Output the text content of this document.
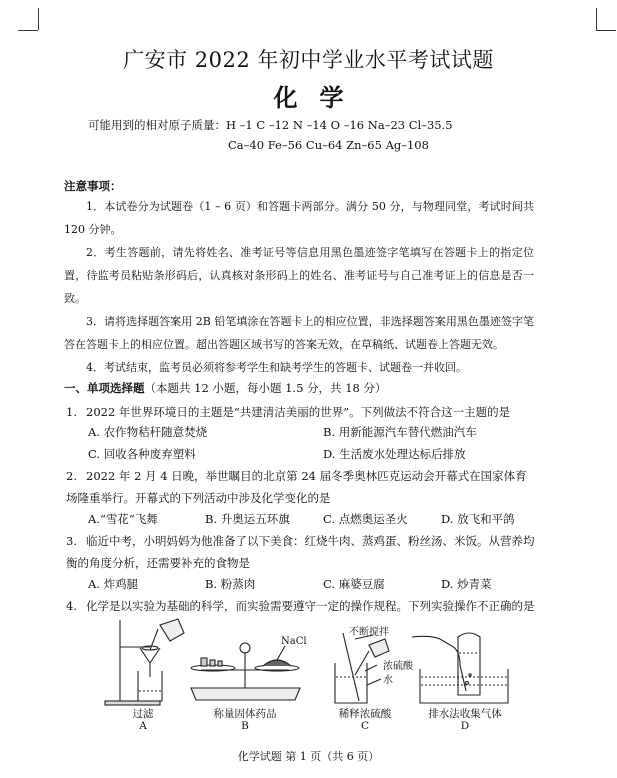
广安市 2022 年初中学业水平考试试题
化学
可能用到的相对原子质量：H –1 C –12 N –14 O –16 Na–23 Cl–35.5
Ca–40 Fe–56 Cu–64 Zn–65 Ag–108
注意事项：
1．本试卷分为试题卷（1 – 6 页）和答题卡两部分。满分 50 分，与物理同堂，考试时间共 120 分钟。
2．考生答题前，请先将姓名、准考证号等信息用黑色墨迹签字笔填写在答题卡上的指定位置，待监考员粘贴条形码后，认真核对条形码上的姓名、准考证号与自己准考证上的信息是否一致。
3．请将选择题答案用 2B 铅笔填涂在答题卡上的相应位置，非选择题答案用黑色墨迹签字笔答在答题卡上的相应位置。超出答题区域书写的答案无效，在草稿纸、试题卷上答题无效。
4．考试结束，监考员必须将参考学生和缺考学生的答题卡、试题卷一并收回。
一、单项选择题（本题共 12 小题，每小题 1.5 分，共 18 分）
1. 2022 年世界环境日的主题是“共建清洁美丽的世界”。下列做法不符合这一主题的是
A. 农作物秸秆随意焚烧	B. 用新能源汽车替代燃油汽车
C. 回收各种废弃塑料	D. 生活废水处理达标后排放
2. 2022 年 2 月 4 日晚，举世瞩目的北京第 24 届冬季奥林匹克运动会开幕式在国家体育场隆重举行。开幕式的下列活动中涉及化学变化的是
A.“雪花”飞舞	B. 升奥运五环旗	C. 点燃奥运圣火	D. 放飞和平鸽
3. 临近中考，小明妈妈为他准备了以下美食：红烧牛肉、蒸鸡蛋、粉丝汤、米饭。从营养均衡的角度分析，还需要补充的食物是
A. 炸鸡腿	B. 粉蒸肉	C. 麻婆豆腐	D. 炒青菜
4. 化学是以实验为基础的科学，而实验需要遵守一定的操作规程。下列实验操作不正确的是
过滤
A
NaCl
称量固体药品
B
不断搅拌
浓硫酸
水
稀释浓硫酸
C
排水法收集气体
D
化学试题 第 1 页（共 6 页）
